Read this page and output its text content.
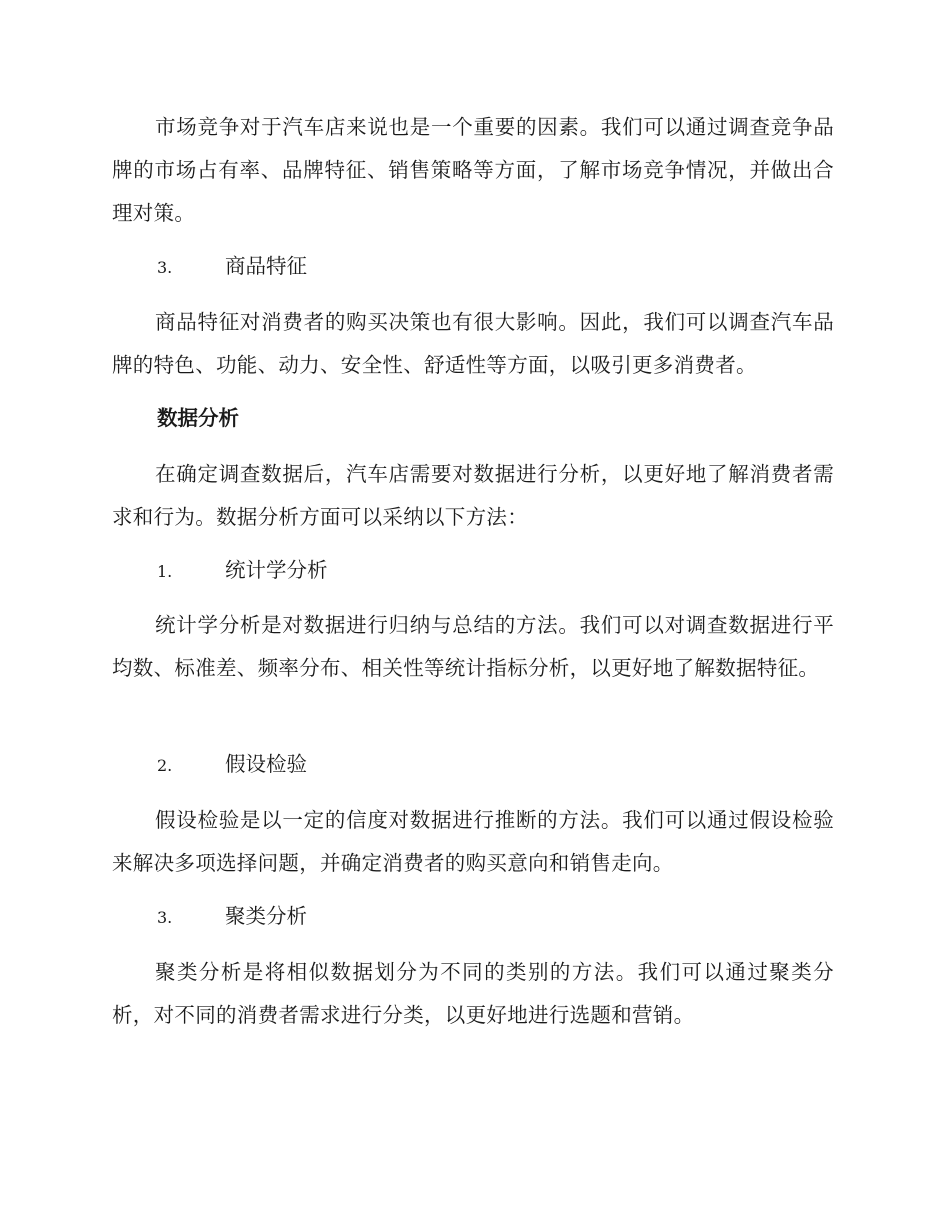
市场竞争对于汽车店来说也是一个重要的因素。我们可以通过调查竞争品牌的市场占有率、品牌特征、销售策略等方面，了解市场竞争情况，并做出合理对策。

3.	商品特征

商品特征对消费者的购买决策也有很大影响。因此，我们可以调查汽车品牌的特色、功能、动力、安全性、舒适性等方面，以吸引更多消费者。

数据分析

在确定调查数据后，汽车店需要对数据进行分析，以更好地了解消费者需求和行为。数据分析方面可以采纳以下方法：

1.	统计学分析

统计学分析是对数据进行归纳与总结的方法。我们可以对调查数据进行平均数、标准差、频率分布、相关性等统计指标分析，以更好地了解数据特征。

2.	假设检验

假设检验是以一定的信度对数据进行推断的方法。我们可以通过假设检验来解决多项选择问题，并确定消费者的购买意向和销售走向。

3.	聚类分析

聚类分析是将相似数据划分为不同的类别的方法。我们可以通过聚类分析，对不同的消费者需求进行分类，以更好地进行选题和营销。
